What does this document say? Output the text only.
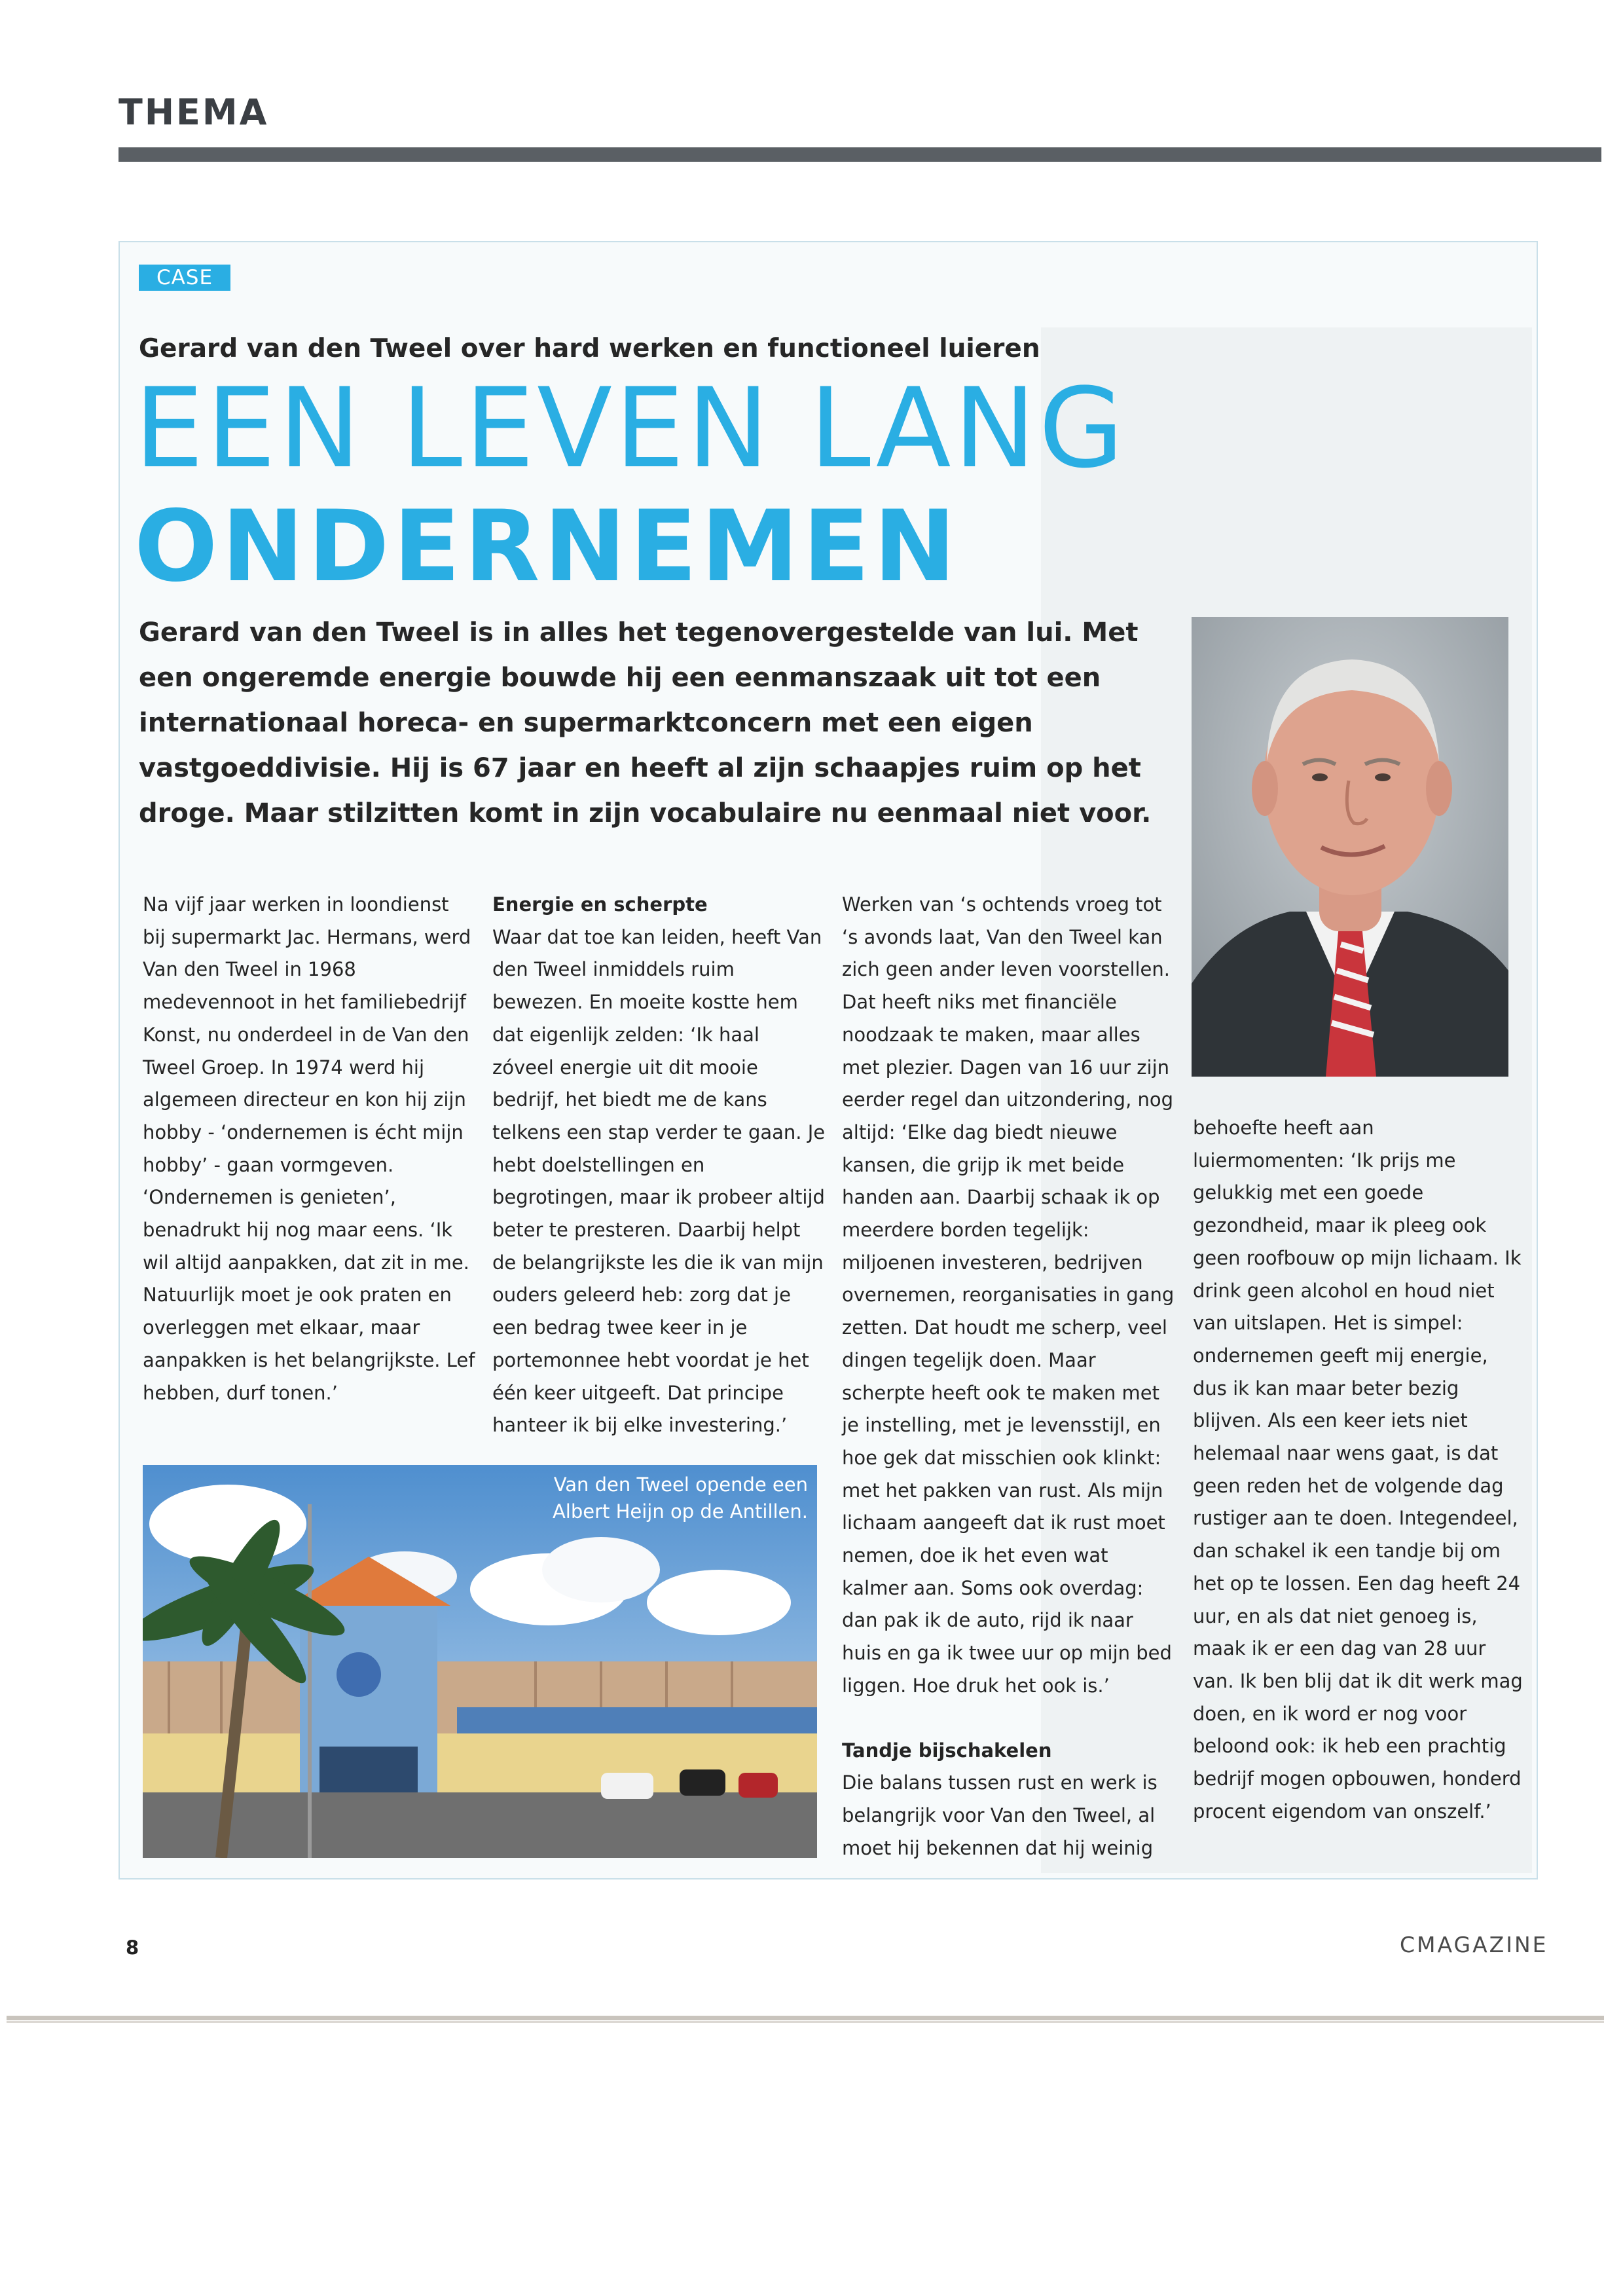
THEMA
CASE
Gerard van den Tweel over hard werken en functioneel luieren
EEN LEVEN LANG
ONDERNEMEN
Gerard van den Tweel is in alles het tegenovergestelde van lui. Met een ongeremde energie bouwde hij een eenmanszaak uit tot een internationaal horeca- en supermarktconcern met een eigen vastgoeddivisie. Hij is 67 jaar en heeft al zijn schaapjes ruim op het droge. Maar stilzitten komt in zijn vocabulaire nu eenmaal niet voor.

Na vijf jaar werken in loondienst bij supermarkt Jac. Hermans, werd Van den Tweel in 1968 medevennoot in het familiebedrijf Konst, nu onderdeel in de Van den Tweel Groep. In 1974 werd hij algemeen directeur en kon hij zijn hobby - ‘ondernemen is écht mijn hobby’ - gaan vormgeven. ‘Ondernemen is genieten’, benadrukt hij nog maar eens. ‘Ik wil altijd aanpakken, dat zit in me. Natuurlijk moet je ook praten en overleggen met elkaar, maar aanpakken is het belangrijkste. Lef hebben, durf tonen.’

Energie en scherpte

Waar dat toe kan leiden, heeft Van den Tweel inmiddels ruim bewezen. En moeite kostte hem dat eigenlijk zelden: ‘Ik haal zóveel energie uit dit mooie bedrijf, het biedt me de kans telkens een stap verder te gaan. Je hebt doelstellingen en begrotingen, maar ik probeer altijd beter te presteren. Daarbij helpt de belangrijkste les die ik van mijn ouders geleerd heb: zorg dat je een bedrag twee keer in je portemonnee hebt voordat je het één keer uitgeeft. Dat principe hanteer ik bij elke investering.’

Werken van ‘s ochtends vroeg tot ‘s avonds laat, Van den Tweel kan zich geen ander leven voorstellen. Dat heeft niks met financiële noodzaak te maken, maar alles met plezier. Dagen van 16 uur zijn eerder regel dan uitzondering, nog altijd: ‘Elke dag biedt nieuwe kansen, die grijp ik met beide handen aan. Daarbij schaak ik op meerdere borden tegelijk: miljoenen investeren, bedrijven overnemen, reorganisaties in gang zetten. Dat houdt me scherp, veel dingen tegelijk doen. Maar scherpte heeft ook te maken met je instelling, met je levensstijl, en hoe gek dat misschien ook klinkt: met het pakken van rust. Als mijn lichaam aangeeft dat ik rust moet nemen, doe ik het even wat kalmer aan. Soms ook overdag: dan pak ik de auto, rijd ik naar huis en ga ik twee uur op mijn bed liggen. Hoe druk het ook is.’

Tandje bijschakelen

Die balans tussen rust en werk is belangrijk voor Van den Tweel, al moet hij bekennen dat hij weinig

behoefte heeft aan luiermomenten: ‘Ik prijs me gelukkig met een goede gezondheid, maar ik pleeg ook geen roofbouw op mijn lichaam. Ik drink geen alcohol en houd niet van uitslapen. Het is simpel: ondernemen geeft mij energie, dus ik kan maar beter bezig blijven. Als een keer iets niet helemaal naar wens gaat, is dat geen reden het de volgende dag rustiger aan te doen. Integendeel, dan schakel ik een tandje bij om het op te lossen. Een dag heeft 24 uur, en als dat niet genoeg is, maak ik er een dag van 28 uur van. Ik ben blij dat ik dit werk mag doen, en ik word er nog voor beloond ook: ik heb een prachtig bedrijf mogen opbouwen, honderd procent eigendom van onszelf.’

Van den Tweel opende een Albert Heijn op de Antillen.
8	CMAGAZINE
